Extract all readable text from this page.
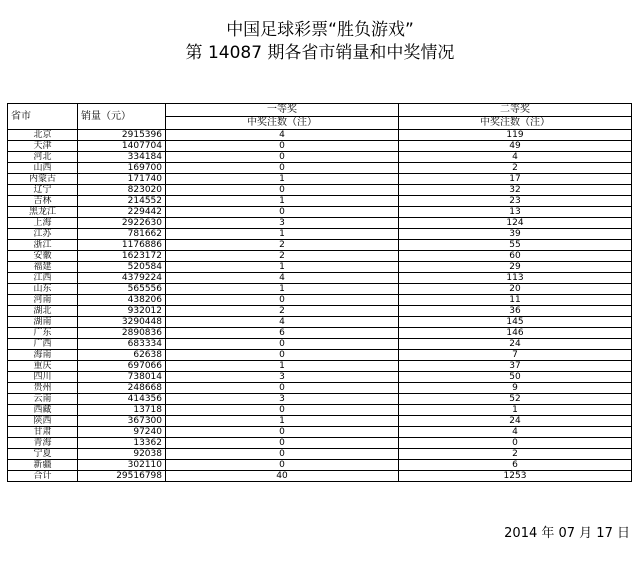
中国足球彩票“胜负游戏”
第 14087 期各省市销量和中奖情况
省市	销量（元）	一等奖	二等奖
		中奖注数（注）	中奖注数（注）
北京	2915396	4	119
天津	1407704	0	49
河北	334184	0	4
山西	169700	0	2
内蒙古	171740	1	17
辽宁	823020	0	32
吉林	214552	1	23
黑龙江	229442	0	13
上海	2922630	3	124
江苏	781662	1	39
浙江	1176886	2	55
安徽	1623172	2	60
福建	520584	1	29
江西	4379224	4	113
山东	565556	1	20
河南	438206	0	11
湖北	932012	2	36
湖南	3290448	4	145
广东	2890836	6	146
广西	683334	0	24
海南	62638	0	7
重庆	697066	1	37
四川	738014	3	50
贵州	248668	0	9
云南	414356	3	52
西藏	13718	0	1
陕西	367300	1	24
甘肃	97240	0	4
青海	13362	0	0
宁夏	92038	0	2
新疆	302110	0	6
合计	29516798	40	1253
2014 年 07 月 17 日
